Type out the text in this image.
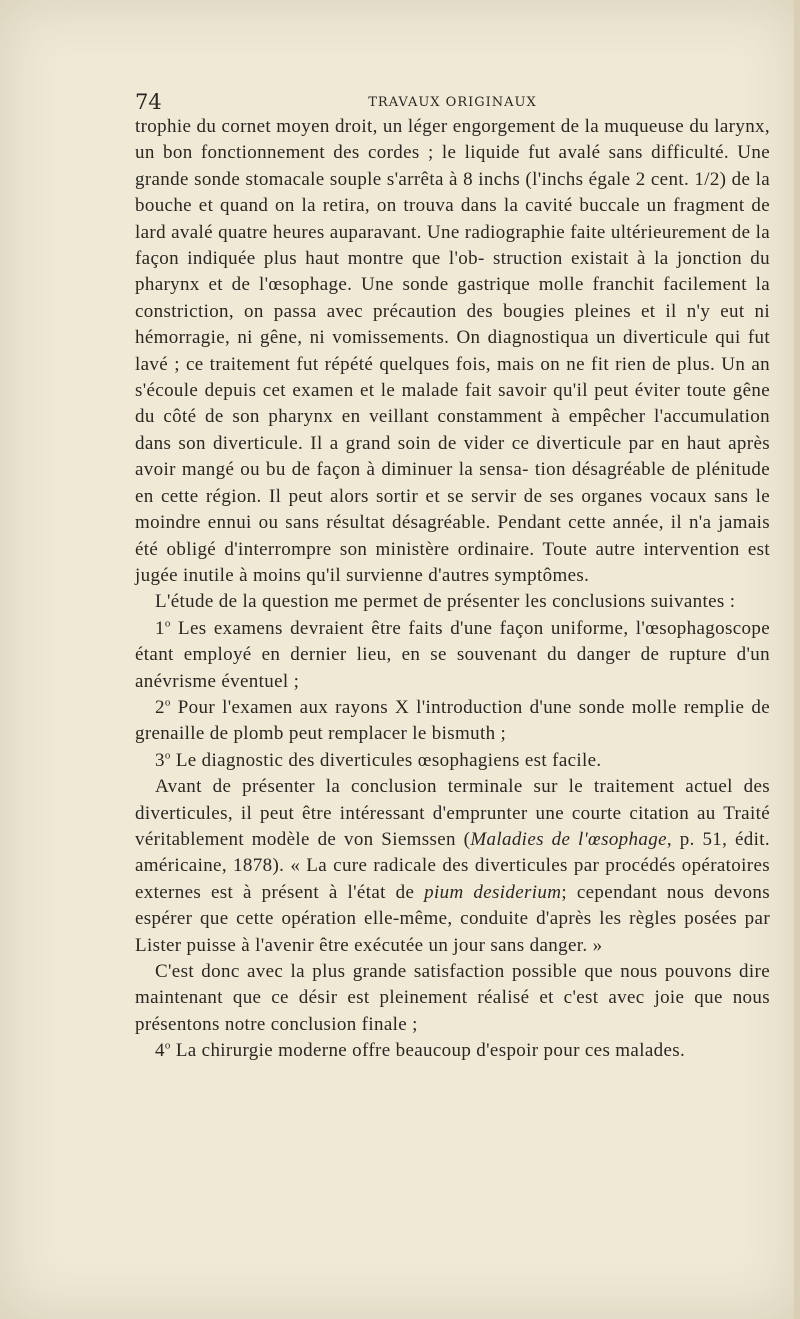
74	TRAVAUX ORIGINAUX

trophie du cornet moyen droit, un léger engorgement de la muqueuse du larynx, un bon fonctionnement des cordes ; le liquide fut avalé sans difficulté. Une grande sonde stomacale souple s'arrêta à 8 inchs (l'inchs égale 2 cent. 1/2) de la bouche et quand on la retira, on trouva dans la cavité buccale un fragment de lard avalé quatre heures auparavant. Une radiographie faite ultérieurement de la façon indiquée plus haut montre que l'ob- struction existait à la jonction du pharynx et de l'œsophage. Une sonde gastrique molle franchit facilement la constriction, on passa avec précaution des bougies pleines et il n'y eut ni hémorragie, ni gêne, ni vomissements. On diagnostiqua un diverticule qui fut lavé ; ce traitement fut répété quelques fois, mais on ne fit rien de plus. Un an s'écoule depuis cet examen et le malade fait savoir qu'il peut éviter toute gêne du côté de son pharynx en veillant constamment à empêcher l'accumulation dans son diverticule. Il a grand soin de vider ce diverticule par en haut après avoir mangé ou bu de façon à diminuer la sensa- tion désagréable de plénitude en cette région. Il peut alors sortir et se servir de ses organes vocaux sans le moindre ennui ou sans résultat désagréable. Pendant cette année, il n'a jamais été obligé d'interrompre son ministère ordinaire. Toute autre intervention est jugée inutile à moins qu'il survienne d'autres symptômes.

L'étude de la question me permet de présenter les conclusions suivantes :

1$^o$ Les examens devraient être faits d'une façon uniforme, l'œsophagoscope étant employé en dernier lieu, en se souvenant du danger de rupture d'un anévrisme éventuel ;

2$^o$ Pour l'examen aux rayons X l'introduction d'une sonde molle remplie de grenaille de plomb peut remplacer le bismuth ;

3$^o$ Le diagnostic des diverticules œsophagiens est facile.

Avant de présenter la conclusion terminale sur le traitement actuel des diverticules, il peut être intéressant d'emprunter une courte citation au Traité véritablement modèle de von Siemssen (Maladies de l'œsophage, p. 51, édit. américaine, 1878). « La cure radicale des diverticules par procédés opératoires externes est à présent à l'état de pium desiderium; cependant nous devons espérer que cette opération elle-même, conduite d'après les règles posées par Lister puisse à l'avenir être exécutée un jour sans danger. »

C'est donc avec la plus grande satisfaction possible que nous pouvons dire maintenant que ce désir est pleinement réalisé et c'est avec joie que nous présentons notre conclusion finale ;

4$^o$ La chirurgie moderne offre beaucoup d'espoir pour ces malades.
